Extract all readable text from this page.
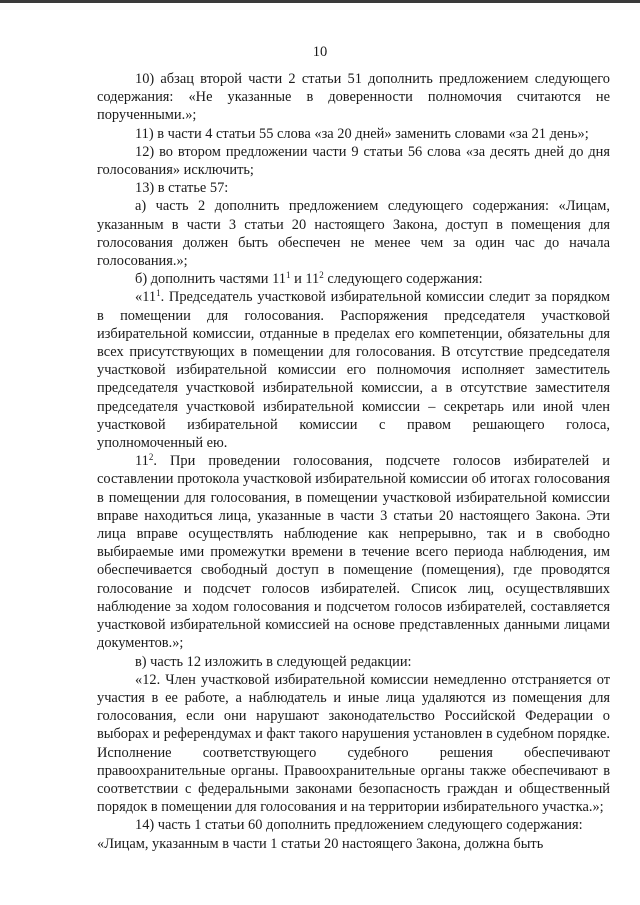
10

10) абзац второй части 2 статьи 51 дополнить предложением следующего содержания: «Не указанные в доверенности полномочия считаются не порученными.»;

11) в части 4 статьи 55 слова «за 20 дней» заменить словами «за 21 день»;

12) во втором предложении части 9 статьи 56 слова «за десять дней до дня голосования» исключить;

13) в статье 57:

а) часть 2 дополнить предложением следующего содержания: «Лицам, указанным в части 3 статьи 20 настоящего Закона, доступ в помещения для голосования должен быть обеспечен не менее чем за один час до начала голосования.»;

б) дополнить частями $11^1$ и $11^2$ следующего содержания:

«$11^1$. Председатель участковой избирательной комиссии следит за порядком в помещении для голосования. Распоряжения председателя участковой избирательной комиссии, отданные в пределах его компетенции, обязательны для всех присутствующих в помещении для голосования. В отсутствие председателя участковой избирательной комиссии его полномочия исполняет заместитель председателя участковой избирательной комиссии, а в отсутствие заместителя председателя участковой избирательной комиссии – секретарь или иной член участковой избирательной комиссии с правом решающего голоса, уполномоченный ею.

$11^2$. При проведении голосования, подсчете голосов избирателей и составлении протокола участковой избирательной комиссии об итогах голосования в помещении для голосования, в помещении участковой избирательной комиссии вправе находиться лица, указанные в части 3 статьи 20 настоящего Закона. Эти лица вправе осуществлять наблюдение как непрерывно, так и в свободно выбираемые ими промежутки времени в течение всего периода наблюдения, им обеспечивается свободный доступ в помещение (помещения), где проводятся голосование и подсчет голосов избирателей. Список лиц, осуществлявших наблюдение за ходом голосования и подсчетом голосов избирателей, составляется участковой избирательной комиссией на основе представленных данными лицами документов.»;

в) часть 12 изложить в следующей редакции:

«12. Член участковой избирательной комиссии немедленно отстраняется от участия в ее работе, а наблюдатель и иные лица удаляются из помещения для голосования, если они нарушают законодательство Российской Федерации о выборах и референдумах и факт такого нарушения установлен в судебном порядке. Исполнение соответствующего судебного решения обеспечивают правоохранительные органы. Правоохранительные органы также обеспечивают в соответствии с федеральными законами безопасность граждан и общественный порядок в помещении для голосования и на территории избирательного участка.»;

14) часть 1 статьи 60 дополнить предложением следующего содержания:

«Лицам, указанным в части 1 статьи 20 настоящего Закона, должна быть
